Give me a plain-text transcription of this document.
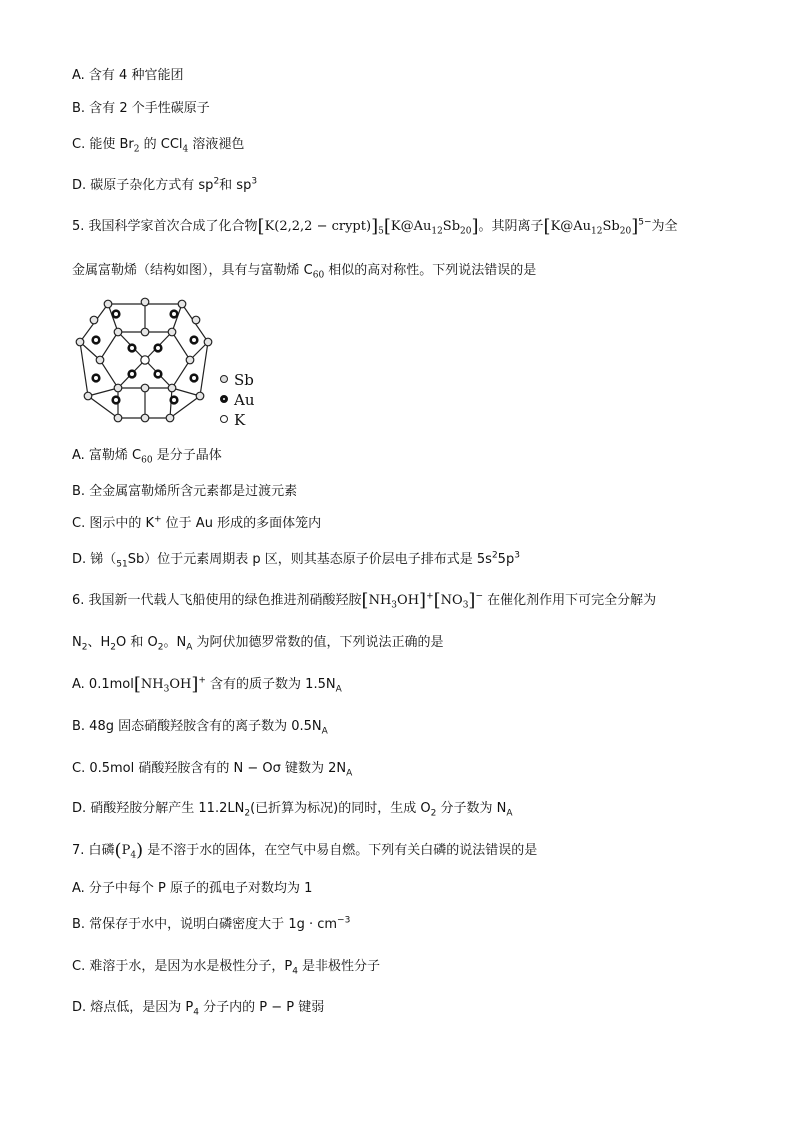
A. 含有 4 种官能团
B. 含有 2 个手性碳原子
C. 能使 $Br_2$ 的 CCl$_4$ 溶液褪色
D. 碳原子杂化方式有 $sp^2$和 $sp^3$
5. 我国科学家首次合成了化合物$[K(2,2,2 - crypt)]_5[K@Au_{12}Sb_{20}]$。其阴离子$[K@Au_{12}Sb_{20}]^{5-}$为全
金属富勒烯（结构如图），具有与富勒烯 $C_{60}$ 相似的高对称性。下列说法错误的是
Sb
Au
K
A. 富勒烯 $C_{60}$ 是分子晶体
B. 全金属富勒烯所含元素都是过渡元素
C. 图示中的 K+ 位于 Au 形成的多面体笼内
D. 锑$(_{51}Sb)$位于元素周期表 p 区，则其基态原子价层电子排布式是 $5s^25p^3$
6. 我国新一代载人飞船使用的绿色推进剂硝酸羟胺$[NH_3OH]^+[NO_3]^-$ 在催化剂作用下可完全分解为
$N_2$、$H_2O$ 和 $O_2$。$N_A$ 为阿伏加德罗常数的值，下列说法正确的是
A. $0.1mol[NH_3OH]^+$ 含有的质子数为 $1.5N_A$
B. 48g 固态硝酸羟胺含有的离子数为 $0.5N_A$
C. 0.5mol 硝酸羟胺含有的 N − Oσ 键数为 $2N_A$
D. 硝酸羟胺分解产生 $11.2LN_2$(已折算为标况)的同时，生成 $O_2$ 分子数为 $N_A$
7. 白磷$(P_4)$ 是不溶于水的固体，在空气中易自燃。下列有关白磷的说法错误的是
A. 分子中每个 P 原子的孤电子对数均为 1
B. 常保存于水中，说明白磷密度大于 $1g \cdot cm^{-3}$
C. 难溶于水，是因为水是极性分子，$P_4$ 是非极性分子
D. 熔点低，是因为 $P_4$ 分子内的 P − P 键弱
